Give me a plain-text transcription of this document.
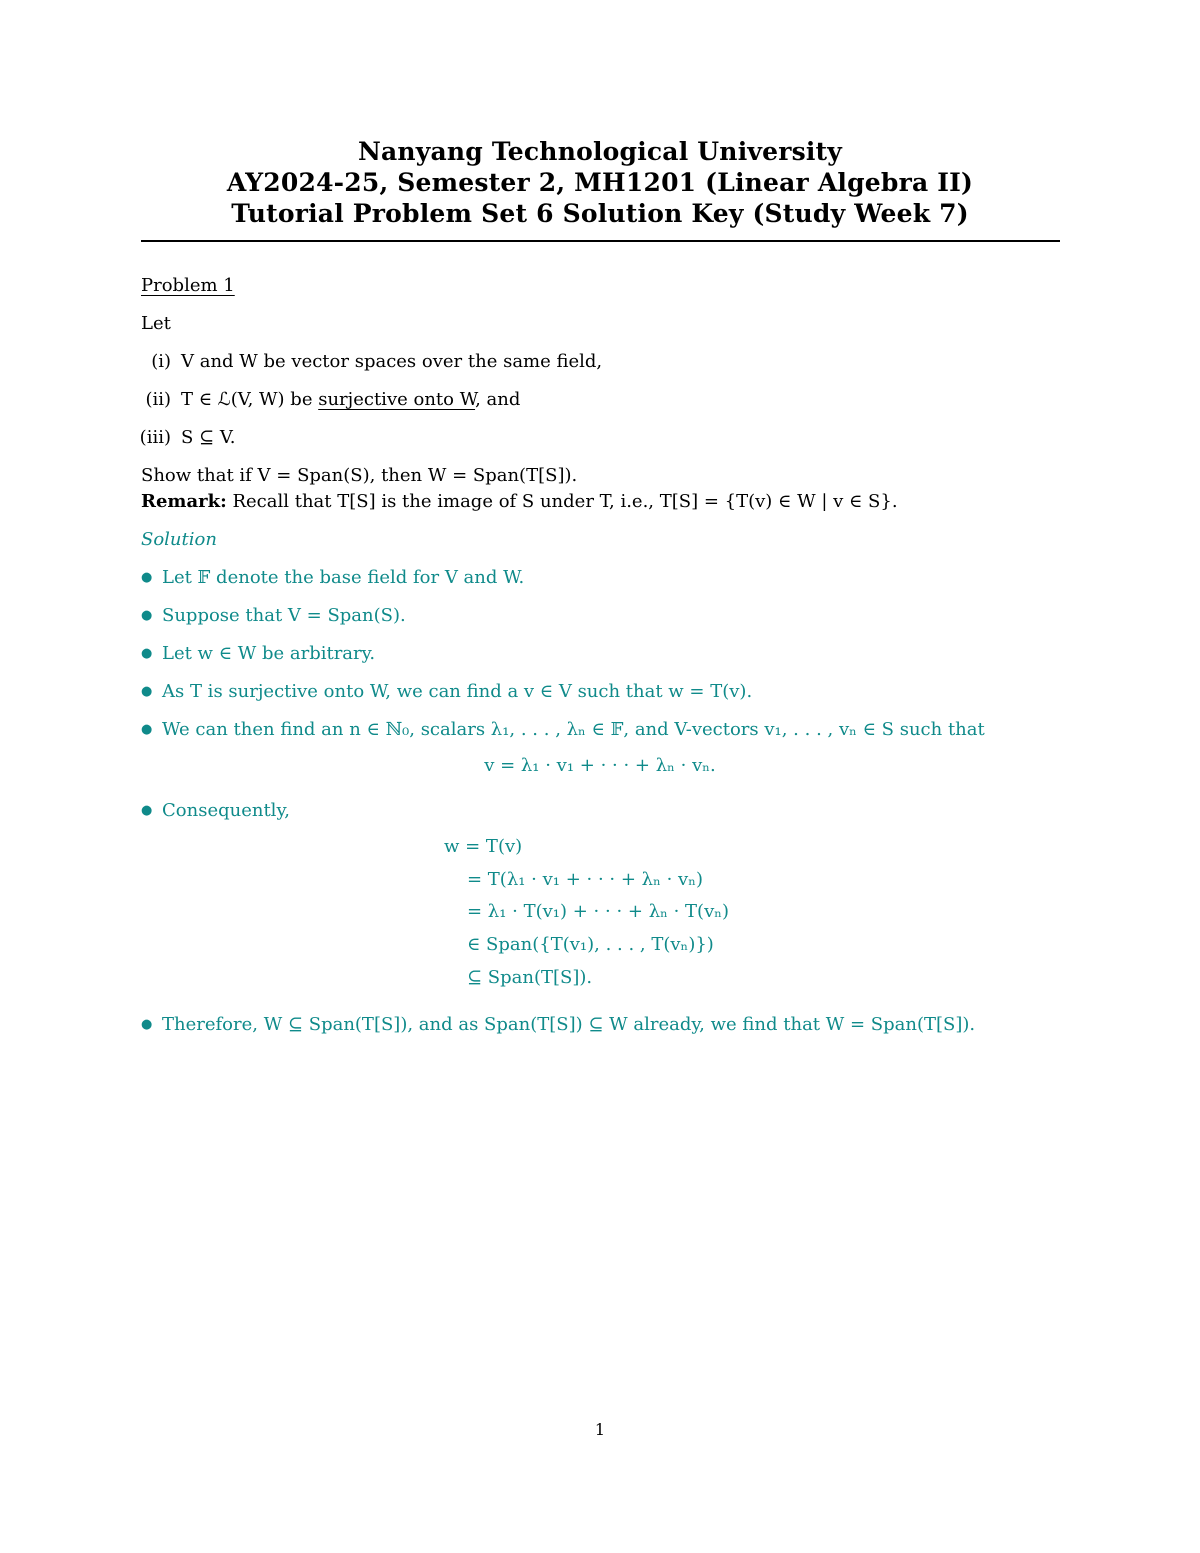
Nanyang Technological University
AY2024-25, Semester 2, MH1201 (Linear Algebra II)
Tutorial Problem Set 6 Solution Key (Study Week 7)
Problem 1
Let
(i) V and W be vector spaces over the same field,
(ii) T ∈ ℒ(V, W) be surjective onto W, and
(iii) S ⊆ V.
Show that if V = Span(S), then W = Span(T[S]).
Remark: Recall that T[S] is the image of S under T, i.e., T[S] = {T(v) ∈ W | v ∈ S}.
Solution
● Let 𝔽 denote the base field for V and W.
● Suppose that V = Span(S).
● Let w ∈ W be arbitrary.
● As T is surjective onto W, we can find a v ∈ V such that w = T(v).
● We can then find an n ∈ ℕ₀, scalars λ₁, . . . , λₙ ∈ 𝔽, and V-vectors v₁, . . . , vₙ ∈ S such that
v = λ₁ · v₁ + · · · + λₙ · vₙ.
● Consequently,
w = T(v)
= T(λ₁ · v₁ + · · · + λₙ · vₙ)
= λ₁ · T(v₁) + · · · + λₙ · T(vₙ)
∈ Span({T(v₁), . . . , T(vₙ)})
⊆ Span(T[S]).
● Therefore, W ⊆ Span(T[S]), and as Span(T[S]) ⊆ W already, we find that W = Span(T[S]).
1
